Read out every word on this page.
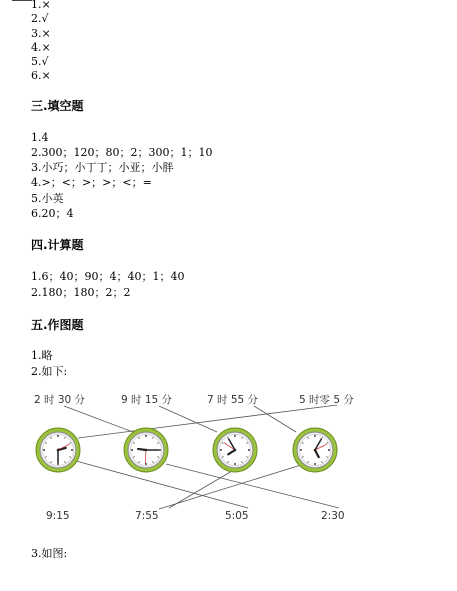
1.×
2.√
3.×
4.×
5.√
6.×
三.填空题
1.4
2.300；120；80；2；300；1；10
3.小巧；小丁丁；小亚；小胖
4.>；<；>；>；<；=
5.小英
6.20；4
四.计算题
1.6；40；90；4；40；1；40
2.180；180；2；2
五.作图题
1.略
2.如下:
2 时 30 分	9 时 15 分	7 时 55 分	5 时零 5 分
9:15	7:55	5:05	2:30
3.如图:
